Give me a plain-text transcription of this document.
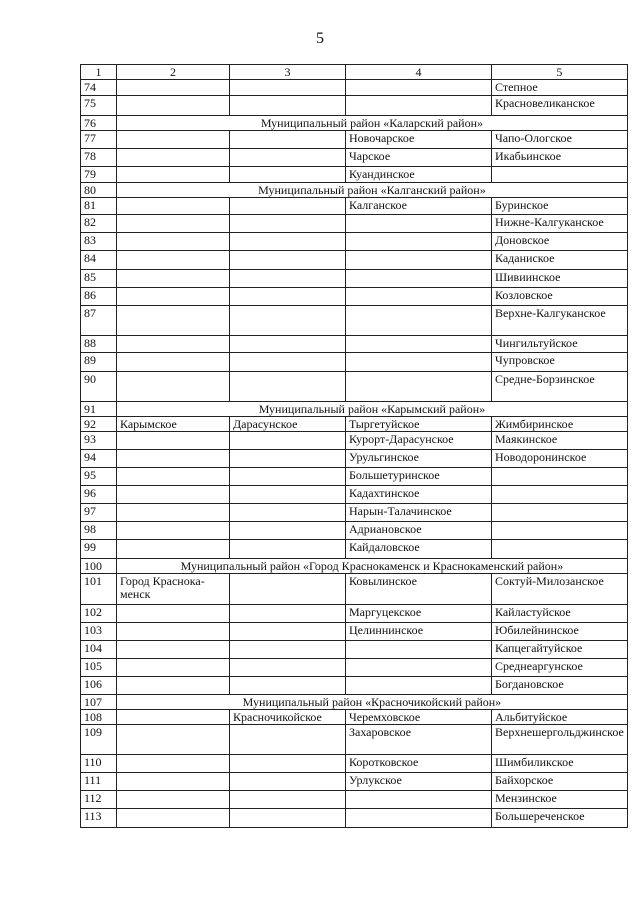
5
1	2	3	4	5
74				Степное
75				Красновеликанское
76	Муниципальный район «Каларский район»			
77			Новочарское	Чапо-Ологское
78			Чарское	Икабьинское
79			Куандинское	
80	Муниципальный район «Калганский район»			
81			Калганское	Буринское
82				Нижне-Калгуканское
83				Доновское
84				Каданиское
85				Шивиинское
86				Козловское
87				Верхне-Калгуканское
88				Чингильтуйское
89				Чупровское
90				Средне-Борзинское
91	Муниципальный район «Карымский район»			
92	Карымское	Дарасунское	Тыргетуйское	Жимбиринское
93			Курорт-Дарасунское	Маякинское
94			Урульгинское	Новодоронинское
95			Большетуринское	
96			Кадахтинское	
97			Нарын-Талачинское	
98			Адриановское	
99			Кайдаловское	
100	Муниципальный район «Город Краснокаменск и Краснокаменский район»			
101	Город Краснока-менск		Ковылинское	Соктуй-Милозанское
102			Маргуцекское	Кайластуйское
103			Целиннинское	Юбилейнинское
104				Капцегайтуйское
105				Среднеаргунское
106				Богдановское
107	Муниципальный район «Красночикойский район»			
108		Красночикойское	Черемховское	Альбитуйское
109			Захаровское	Верхнешергольджинское
110			Коротковское	Шимбиликское
111			Урлукское	Байхорское
112				Мензинское
113				Большереченское
